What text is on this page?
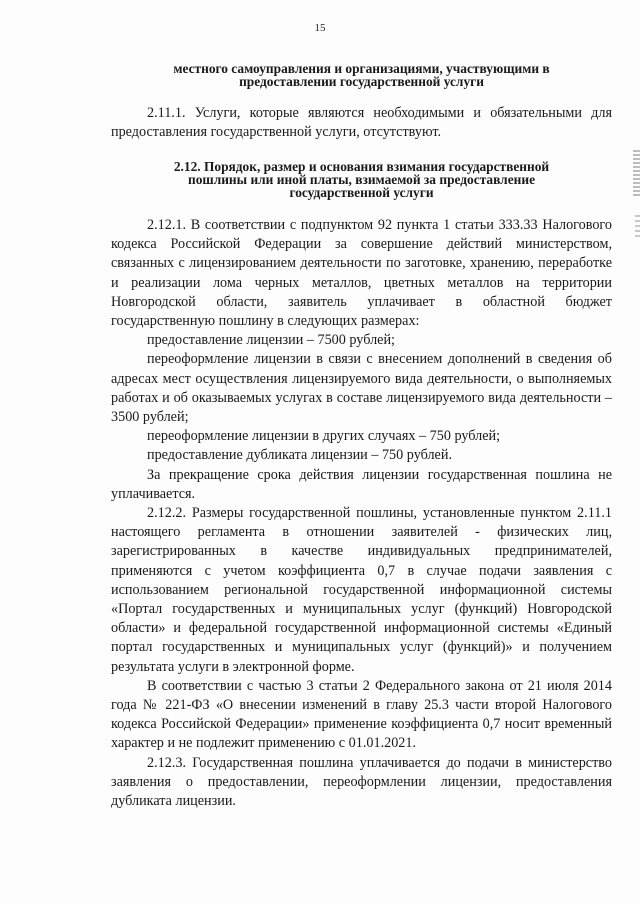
15
местного самоуправления и организациями, участвующими в
предоставлении государственной услуги

2.11.1. Услуги, которые являются необходимыми и обязательными для предоставления государственной услуги, отсутствуют.

2.12. Порядок, размер и основания взимания государственной
пошлины или иной платы, взимаемой за предоставление
государственной услуги

2.12.1. В соответствии с подпунктом 92 пункта 1 статьи 333.33 Налогового кодекса Российской Федерации за совершение действий министерством, связанных с лицензированием деятельности по заготовке, хранению, переработке и реализации лома черных металлов, цветных металлов на территории Новгородской области, заявитель уплачивает в областной бюджет государственную пошлину в следующих размерах:

предоставление лицензии – 7500 рублей;

переоформление лицензии в связи с внесением дополнений в сведения об адресах мест осуществления лицензируемого вида деятельности, о выполняемых работах и об оказываемых услугах в составе лицензируемого вида деятельности – 3500 рублей;

переоформление лицензии в других случаях – 750 рублей;

предоставление дубликата лицензии – 750 рублей.

За прекращение срока действия лицензии государственная пошлина не уплачивается.

2.12.2. Размеры государственной пошлины, установленные пунктом 2.11.1 настоящего регламента в отношении заявителей - физических лиц, зарегистрированных в качестве индивидуальных предпринимателей, применяются с учетом коэффициента 0,7 в случае подачи заявления с использованием региональной государственной информационной системы «Портал государственных и муниципальных услуг (функций) Новгородской области» и федеральной государственной информационной системы «Единый портал государственных и муниципальных услуг (функций)» и получением результата услуги в электронной форме.

В соответствии с частью 3 статьи 2 Федерального закона от 21 июля 2014 года № 221-ФЗ «О внесении изменений в главу 25.3 части второй Налогового кодекса Российской Федерации» применение коэффициента 0,7 носит временный характер и не подлежит применению с 01.01.2021.

2.12.3. Государственная пошлина уплачивается до подачи в министерство заявления о предоставлении, переоформлении лицензии, предоставления дубликата лицензии.
